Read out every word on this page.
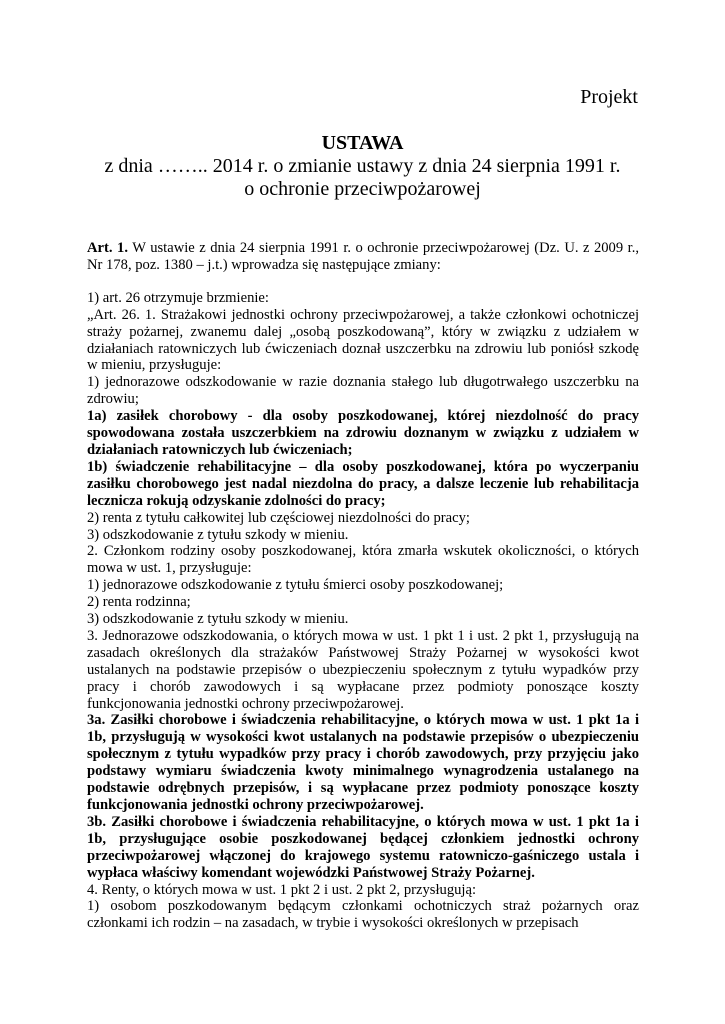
Projekt
USTAWA
z dnia …….. 2014 r. o zmianie ustawy z dnia 24 sierpnia 1991 r.
o ochronie przeciwpożarowej

Art. 1. W ustawie z dnia 24 sierpnia 1991 r. o ochronie przeciwpożarowej (Dz. U. z 2009 r., Nr 178, poz. 1380 – j.t.) wprowadza się następujące zmiany:

1) art. 26 otrzymuje brzmienie:

„Art. 26. 1. Strażakowi jednostki ochrony przeciwpożarowej, a także członkowi ochotniczej straży pożarnej, zwanemu dalej „osobą poszkodowaną”, który w związku z udziałem w działaniach ratowniczych lub ćwiczeniach doznał uszczerbku na zdrowiu lub poniósł szkodę w mieniu, przysługuje:

1) jednorazowe odszkodowanie w razie doznania stałego lub długotrwałego uszczerbku na zdrowiu;

1a) zasiłek chorobowy - dla osoby poszkodowanej, której niezdolność do pracy spowodowana została uszczerbkiem na zdrowiu doznanym w związku z udziałem w działaniach ratowniczych lub ćwiczeniach;

1b) świadczenie rehabilitacyjne – dla osoby poszkodowanej, która po wyczerpaniu zasiłku chorobowego jest nadal niezdolna do pracy, a dalsze leczenie lub rehabilitacja lecznicza rokują odzyskanie zdolności do pracy;

2) renta z tytułu całkowitej lub częściowej niezdolności do pracy;

3) odszkodowanie z tytułu szkody w mieniu.

2. Członkom rodziny osoby poszkodowanej, która zmarła wskutek okoliczności, o których mowa w ust. 1, przysługuje:

1) jednorazowe odszkodowanie z tytułu śmierci osoby poszkodowanej;

2) renta rodzinna;

3) odszkodowanie z tytułu szkody w mieniu.

3. Jednorazowe odszkodowania, o których mowa w ust. 1 pkt 1 i ust. 2 pkt 1, przysługują na zasadach określonych dla strażaków Państwowej Straży Pożarnej w wysokości kwot ustalanych na podstawie przepisów o ubezpieczeniu społecznym z tytułu wypadków przy pracy i chorób zawodowych i są wypłacane przez podmioty ponoszące koszty funkcjonowania jednostki ochrony przeciwpożarowej.

3a. Zasiłki chorobowe i świadczenia rehabilitacyjne, o których mowa w ust. 1 pkt 1a i 1b, przysługują w wysokości kwot ustalanych na podstawie przepisów o ubezpieczeniu społecznym z tytułu wypadków przy pracy i chorób zawodowych, przy przyjęciu jako podstawy wymiaru świadczenia kwoty minimalnego wynagrodzenia ustalanego na podstawie odrębnych przepisów, i są wypłacane przez podmioty ponoszące koszty funkcjonowania jednostki ochrony przeciwpożarowej.

3b. Zasiłki chorobowe i świadczenia rehabilitacyjne, o których mowa w ust. 1 pkt 1a i 1b, przysługujące osobie poszkodowanej będącej członkiem jednostki ochrony przeciwpożarowej włączonej do krajowego systemu ratowniczo-gaśniczego ustala i wypłaca właściwy komendant wojewódzki Państwowej Straży Pożarnej.

4. Renty, o których mowa w ust. 1 pkt 2 i ust. 2 pkt 2, przysługują:

1) osobom poszkodowanym będącym członkami ochotniczych straż pożarnych oraz członkami ich rodzin – na zasadach, w trybie i wysokości określonych w przepisach
